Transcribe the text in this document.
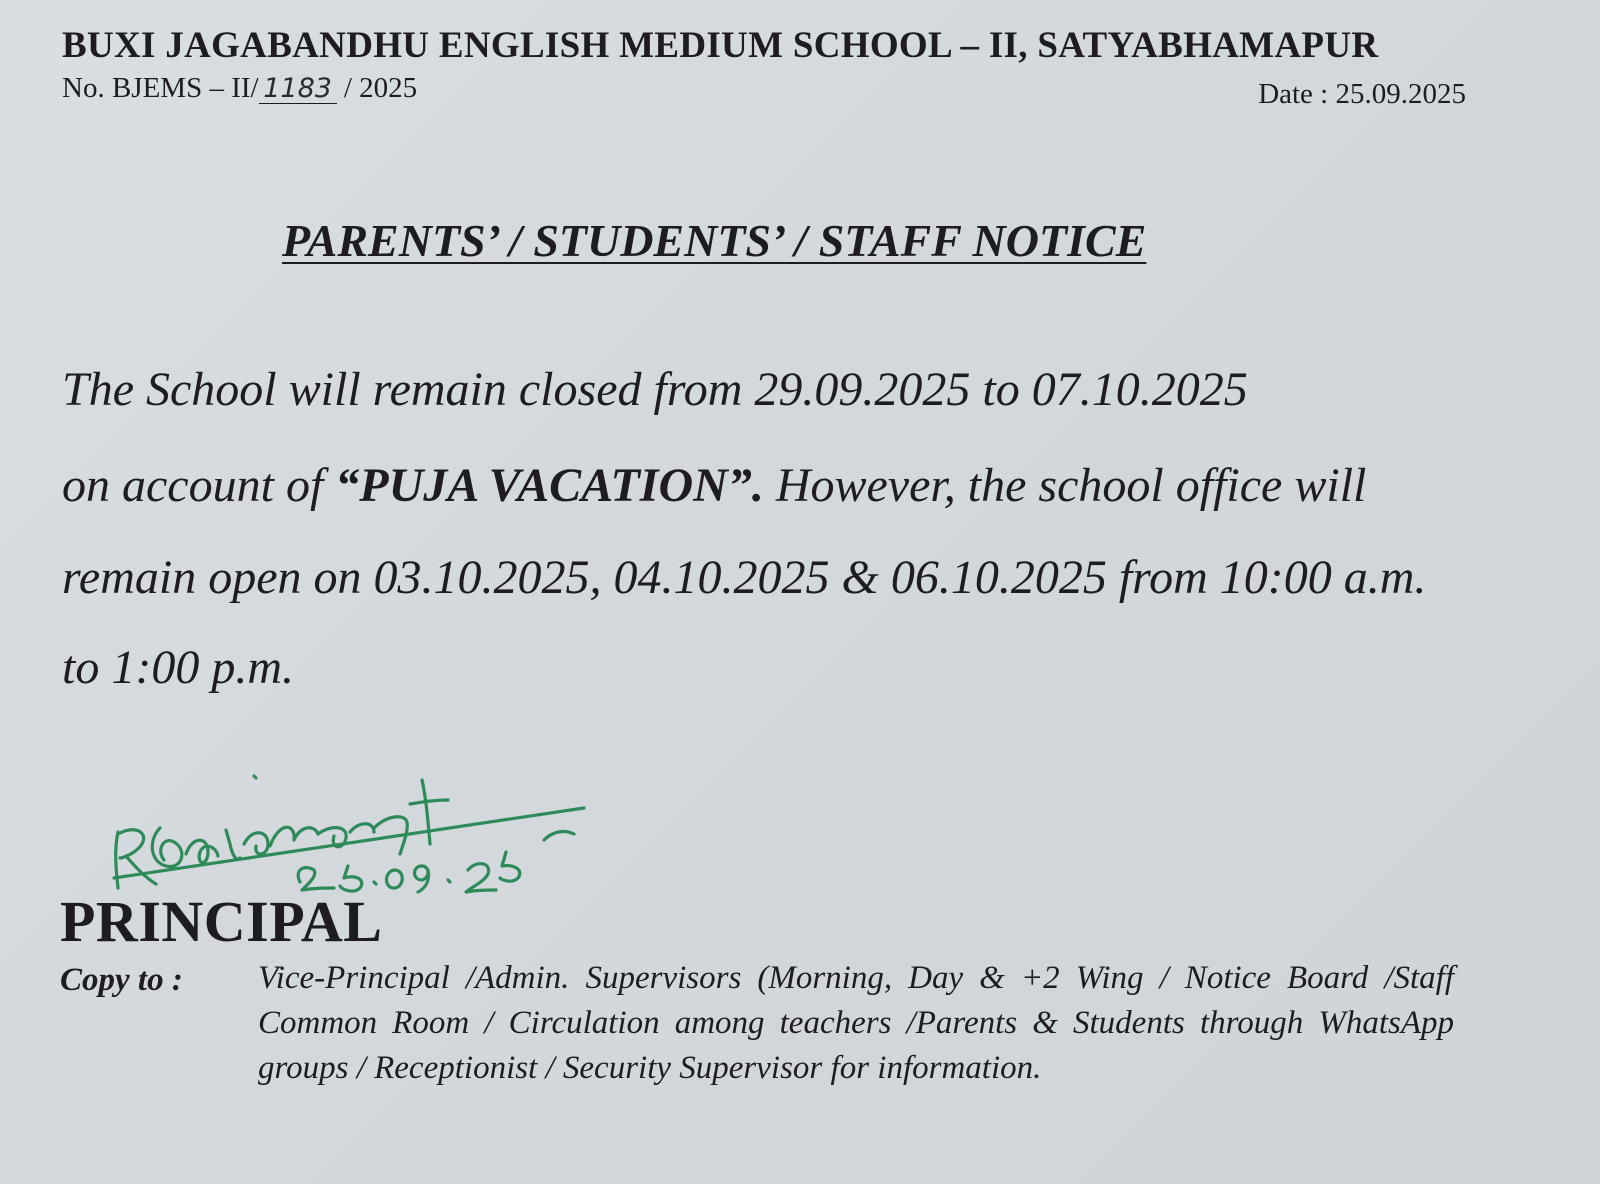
BUXI JAGABANDHU ENGLISH MEDIUM SCHOOL – II, SATYABHAMAPUR
No. BJEMS – II/ 1183 / 2025	Date : 25.09.2025
PARENTS’ / STUDENTS’ / STAFF NOTICE
The School will remain closed from 29.09.2025 to 07.10.2025
on account of “PUJA VACATION”. However, the school office will
remain open on 03.10.2025, 04.10.2025 & 06.10.2025 from 10:00 a.m.
to 1:00 p.m.
PRINCIPAL
Copy to : Vice-Principal /Admin. Supervisors (Morning, Day & +2 Wing / Notice Board /Staff Common Room / Circulation among teachers /Parents & Students through WhatsApp groups / Receptionist / Security Supervisor for information.
